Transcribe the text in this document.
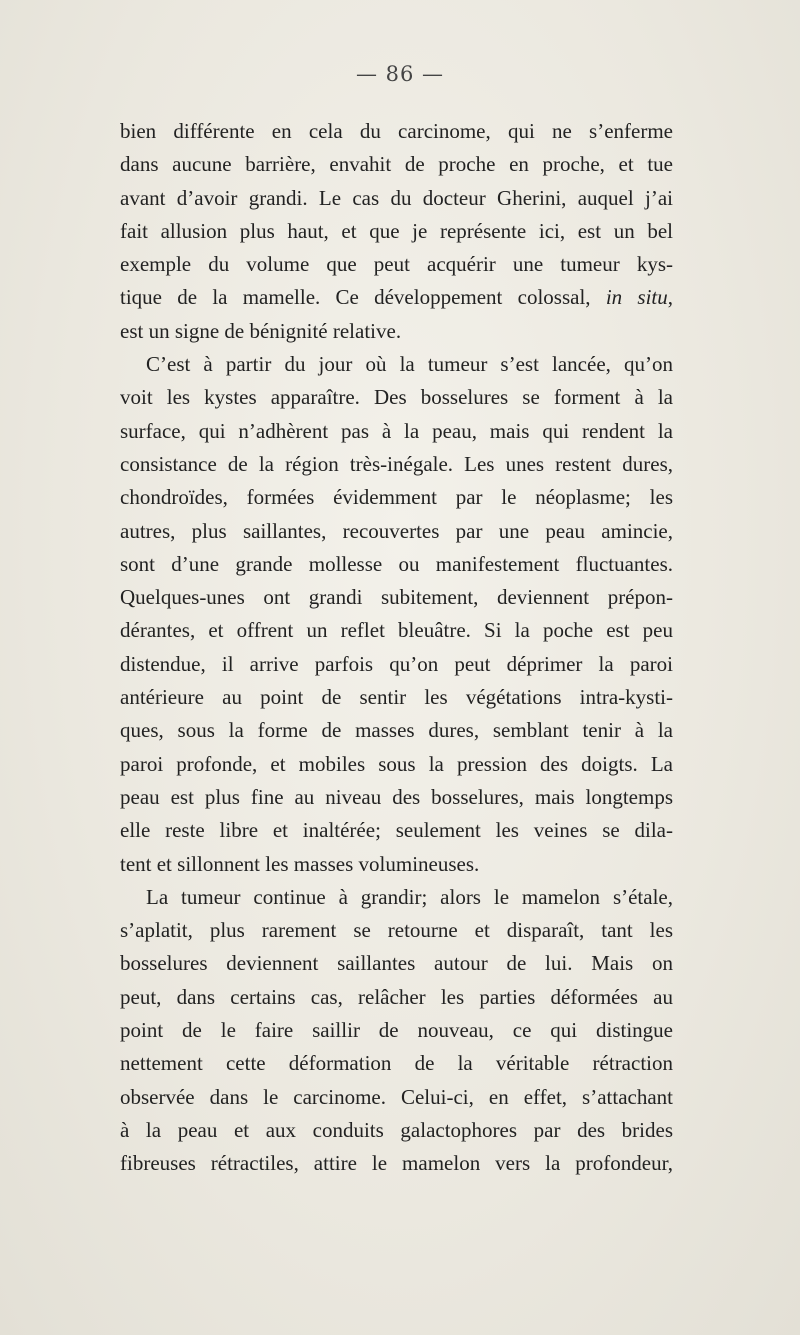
— 86 —
bien différente en cela du carcinome, qui ne s’enferme
dans aucune barrière, envahit de proche en proche, et tue
avant d’avoir grandi. Le cas du docteur Gherini, auquel j’ai
fait allusion plus haut, et que je représente ici, est un bel
exemple du volume que peut acquérir une tumeur kys-
tique de la mamelle. Ce développement colossal, in situ,
est un signe de bénignité relative.
C’est à partir du jour où la tumeur s’est lancée, qu’on
voit les kystes apparaître. Des bosselures se forment à la
surface, qui n’adhèrent pas à la peau, mais qui rendent la
consistance de la région très-inégale. Les unes restent dures,
chondroïdes, formées évidemment par le néoplasme; les
autres, plus saillantes, recouvertes par une peau amincie,
sont d’une grande mollesse ou manifestement fluctuantes.
Quelques-unes ont grandi subitement, deviennent prépon-
dérantes, et offrent un reflet bleuâtre. Si la poche est peu
distendue, il arrive parfois qu’on peut déprimer la paroi
antérieure au point de sentir les végétations intra-kysti-
ques, sous la forme de masses dures, semblant tenir à la
paroi profonde, et mobiles sous la pression des doigts. La
peau est plus fine au niveau des bosselures, mais longtemps
elle reste libre et inaltérée; seulement les veines se dila-
tent et sillonnent les masses volumineuses.
La tumeur continue à grandir; alors le mamelon s’étale,
s’aplatit, plus rarement se retourne et disparaît, tant les
bosselures deviennent saillantes autour de lui. Mais on
peut, dans certains cas, relâcher les parties déformées au
point de le faire saillir de nouveau, ce qui distingue
nettement cette déformation de la véritable rétraction
observée dans le carcinome. Celui-ci, en effet, s’attachant
à la peau et aux conduits galactophores par des brides
fibreuses rétractiles, attire le mamelon vers la profondeur,
